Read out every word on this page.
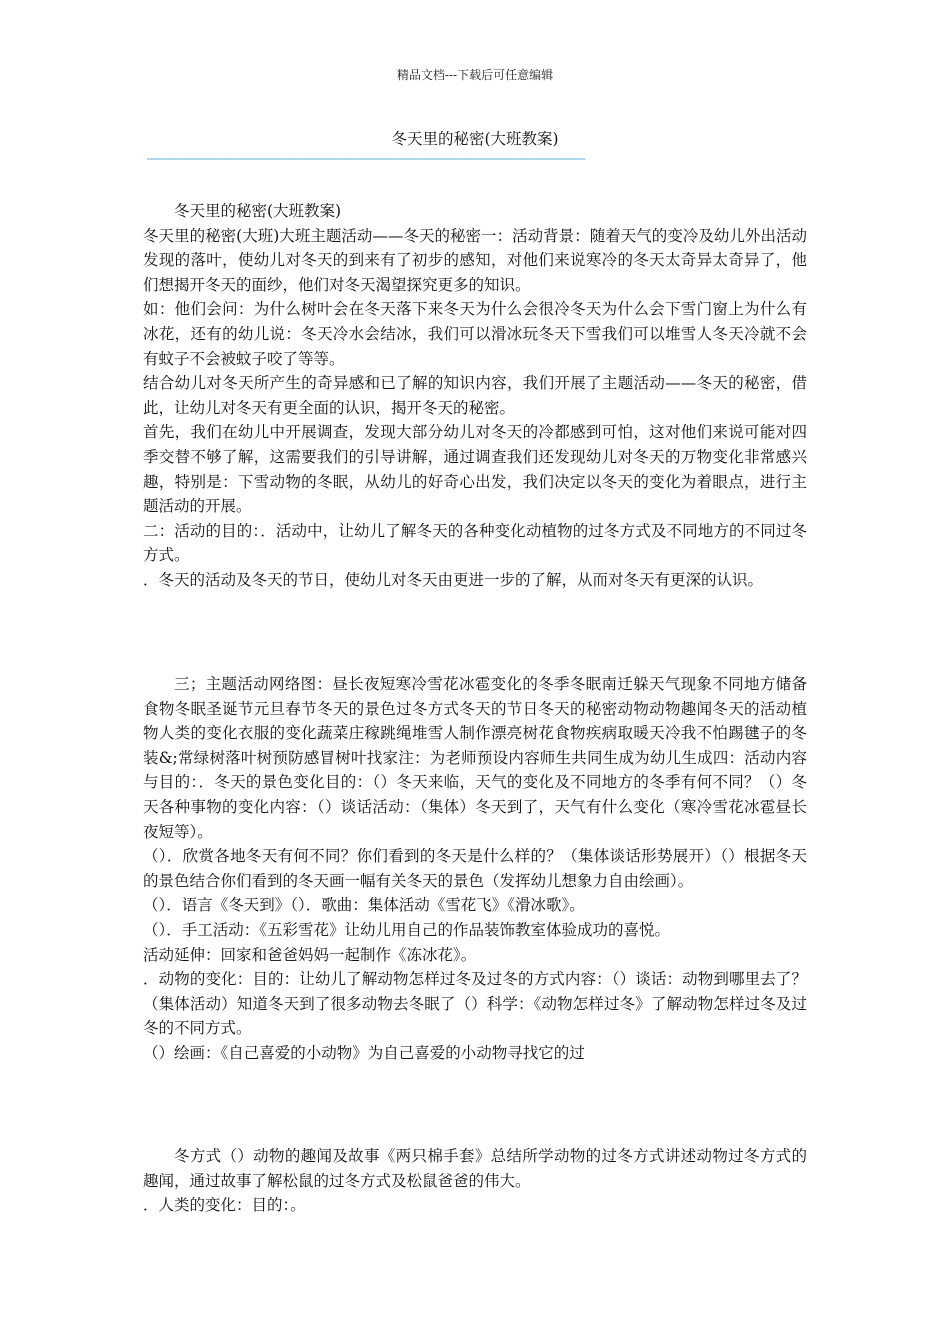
精品文档---下载后可任意编辑
冬天里的秘密(大班教案)
————————————————————————————————————————————————————

冬天里的秘密(大班教案)

冬天里的秘密(大班)大班主题活动——冬天的秘密一：活动背景：随着天气的变冷及幼儿外出活动发现的落叶，使幼儿对冬天的到来有了初步的感知，对他们来说寒冷的冬天太奇异太奇异了，他们想揭开冬天的面纱，他们对冬天渴望探究更多的知识。

如：他们会问：为什么树叶会在冬天落下来冬天为什么会很冷冬天为什么会下雪门窗上为什么有冰花，还有的幼儿说：冬天冷水会结冰，我们可以滑冰玩冬天下雪我们可以堆雪人冬天冷就不会有蚊子不会被蚊子咬了等等。

结合幼儿对冬天所产生的奇异感和已了解的知识内容，我们开展了主题活动——冬天的秘密，借此，让幼儿对冬天有更全面的认识，揭开冬天的秘密。

首先，我们在幼儿中开展调查，发现大部分幼儿对冬天的冷都感到可怕，这对他们来说可能对四季交替不够了解，这需要我们的引导讲解，通过调查我们还发现幼儿对冬天的万物变化非常感兴趣，特别是：下雪动物的冬眠，从幼儿的好奇心出发，我们决定以冬天的变化为着眼点，进行主题活动的开展。

二：活动的目的：．活动中，让幼儿了解冬天的各种变化动植物的过冬方式及不同地方的不同过冬方式。

．冬天的活动及冬天的节日，使幼儿对冬天由更进一步的了解，从而对冬天有更深的认识。

三；主题活动网络图：昼长夜短寒冷雪花冰雹变化的冬季冬眠南迁躲天气现象不同地方储备食物冬眠圣诞节元旦春节冬天的景色过冬方式冬天的节日冬天的秘密动物动物趣闻冬天的活动植物人类的变化衣服的变化蔬菜庄稼跳绳堆雪人制作漂亮树花食物疾病取暖天冷我不怕踢毽子的冬装&;常绿树落叶树预防感冒树叶找家注：为老师预设内容师生共同生成为幼儿生成四：活动内容与目的：．冬天的景色变化目的：（）冬天来临，天气的变化及不同地方的冬季有何不同？（）冬天各种事物的变化内容：（）谈话活动：（集体）冬天到了，天气有什么变化（寒冷雪花冰雹昼长夜短等）。

（）．欣赏各地冬天有何不同？你们看到的冬天是什么样的？（集体谈话形势展开）（）根据冬天的景色结合你们看到的冬天画一幅有关冬天的景色（发挥幼儿想象力自由绘画）。

（）．语言《冬天到》（）．歌曲：集体活动《雪花飞》《滑冰歌》。

（）．手工活动：《五彩雪花》让幼儿用自己的作品装饰教室体验成功的喜悦。

活动延伸：回家和爸爸妈妈一起制作《冻冰花》。

．动物的变化：目的：让幼儿了解动物怎样过冬及过冬的方式内容：（）谈话：动物到哪里去了？（集体活动）知道冬天到了很多动物去冬眠了（）科学：《动物怎样过冬》了解动物怎样过冬及过冬的不同方式。

（）绘画：《自己喜爱的小动物》为自己喜爱的小动物寻找它的过

冬方式（）动物的趣闻及故事《两只棉手套》总结所学动物的过冬方式讲述动物过冬方式的趣闻，通过故事了解松鼠的过冬方式及松鼠爸爸的伟大。

．人类的变化：目的：。
